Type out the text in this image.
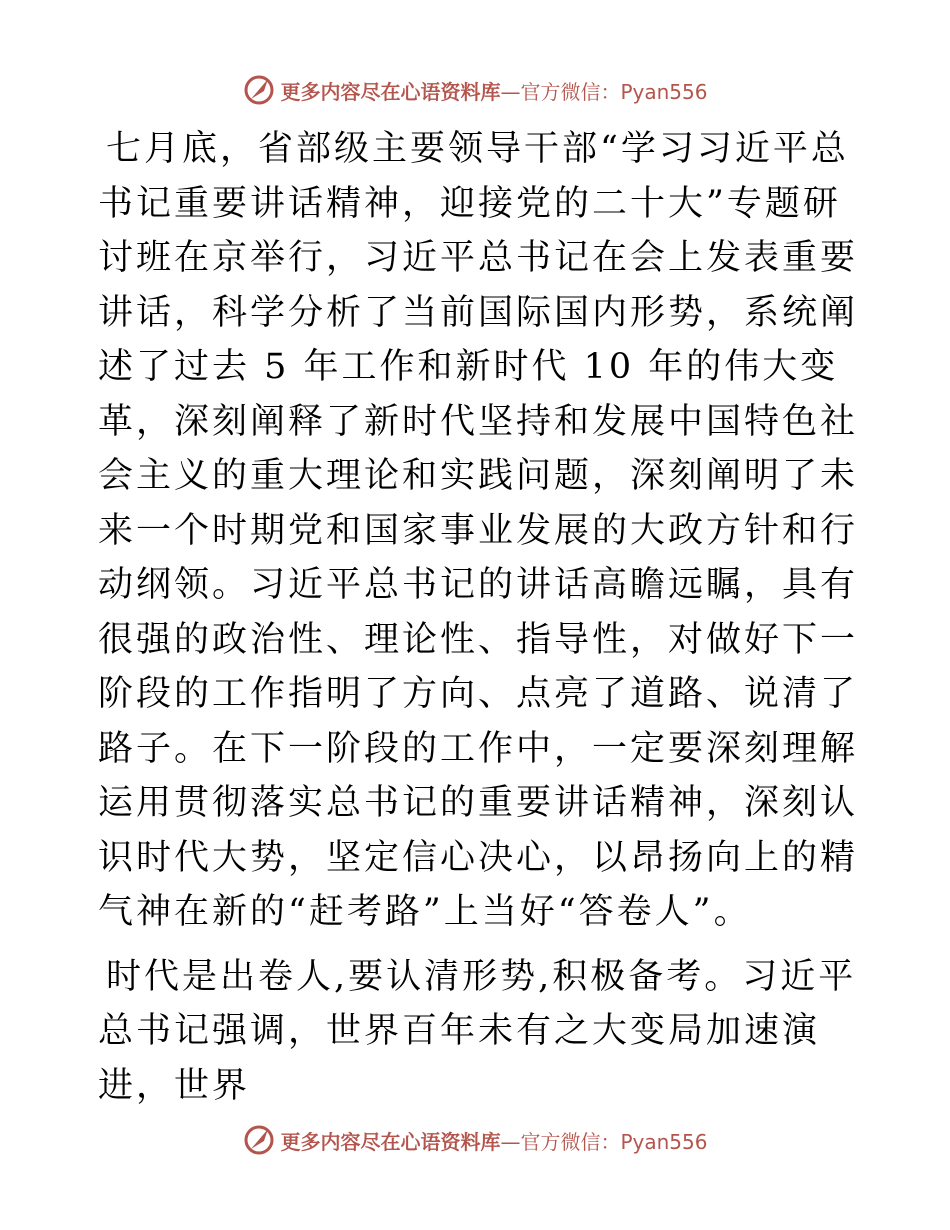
更多内容尽在心语资料库—官方微信：Pyan556

七月底，省部级主要领导干部“学习习近平总书记重要讲话精神，迎接党的二十大”专题研讨班在京举行，习近平总书记在会上发表重要讲话，科学分析了当前国际国内形势，系统阐述了过去 5 年工作和新时代 10 年的伟大变革，深刻阐释了新时代坚持和发展中国特色社会主义的重大理论和实践问题，深刻阐明了未来一个时期党和国家事业发展的大政方针和行动纲领。习近平总书记的讲话高瞻远瞩，具有很强的政治性、理论性、指导性，对做好下一阶段的工作指明了方向、点亮了道路、说清了路子。在下一阶段的工作中，一定要深刻理解运用贯彻落实总书记的重要讲话精神，深刻认识时代大势，坚定信心决心，以昂扬向上的精气神在新的“赶考路”上当好“答卷人”。

时代是出卷人,要认清形势,积极备考。习近平总书记强调，世界百年未有之大变局加速演进，世界

更多内容尽在心语资料库—官方微信：Pyan556
